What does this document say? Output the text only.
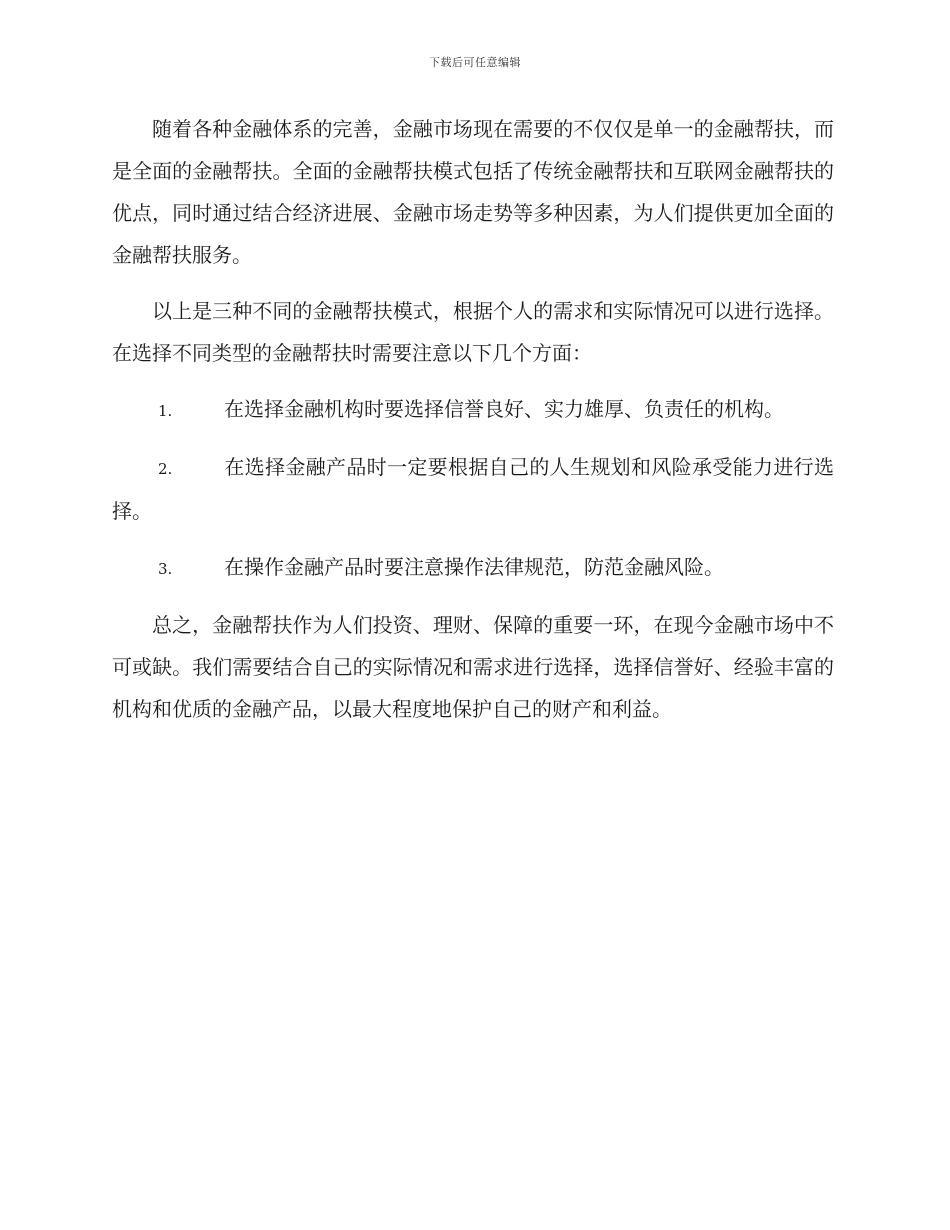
下载后可任意编辑

随着各种金融体系的完善，金融市场现在需要的不仅仅是单一的金融帮扶，而是全面的金融帮扶。全面的金融帮扶模式包括了传统金融帮扶和互联网金融帮扶的优点，同时通过结合经济进展、金融市场走势等多种因素，为人们提供更加全面的金融帮扶服务。

以上是三种不同的金融帮扶模式，根据个人的需求和实际情况可以进行选择。在选择不同类型的金融帮扶时需要注意以下几个方面：

1.	在选择金融机构时要选择信誉良好、实力雄厚、负责任的机构。
2.	在选择金融产品时一定要根据自己的人生规划和风险承受能力进行选择。
3.	在操作金融产品时要注意操作法律规范，防范金融风险。

总之，金融帮扶作为人们投资、理财、保障的重要一环，在现今金融市场中不可或缺。我们需要结合自己的实际情况和需求进行选择，选择信誉好、经验丰富的机构和优质的金融产品，以最大程度地保护自己的财产和利益。
